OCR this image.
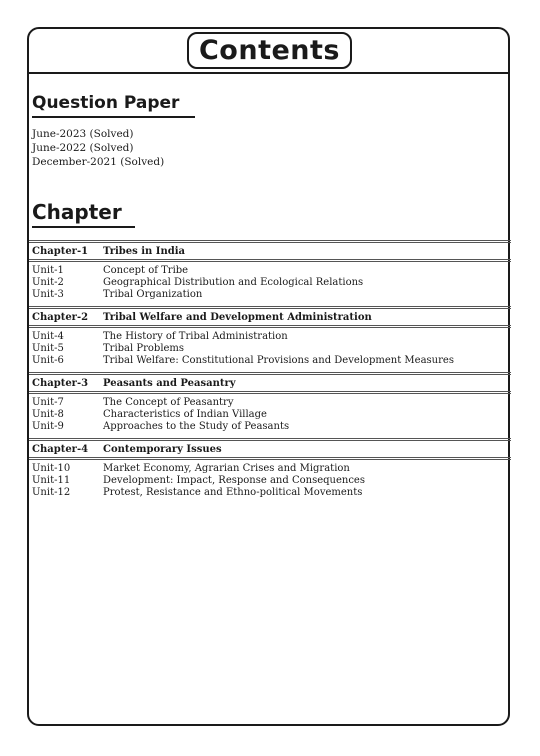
Contents
Question Paper
June-2023 (Solved)
June-2022 (Solved)
December-2021 (Solved)
Chapter
Chapter-1 Tribes in India
Unit-1	Concept of Tribe
Unit-2	Geographical Distribution and Ecological Relations
Unit-3	Tribal Organization
Chapter-2 Tribal Welfare and Development Administration
Unit-4	The History of Tribal Administration
Unit-5	Tribal Problems
Unit-6	Tribal Welfare: Constitutional Provisions and Development Measures
Chapter-3 Peasants and Peasantry
Unit-7	The Concept of Peasantry
Unit-8	Characteristics of Indian Village
Unit-9	Approaches to the Study of Peasants
Chapter-4 Contemporary Issues
Unit-10	Market Economy, Agrarian Crises and Migration
Unit-11	Development: Impact, Response and Consequences
Unit-12	Protest, Resistance and Ethno-political Movements
